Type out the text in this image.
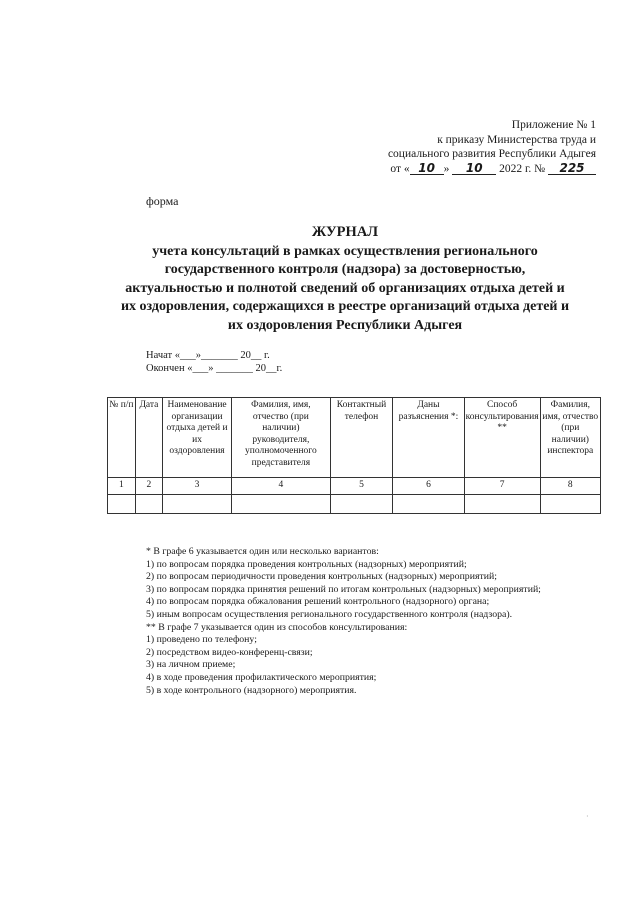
Приложение № 1
к приказу Министерства труда и
социального развития Республики Адыгея
от « 10 » 10 2022 г. № 225
форма
ЖУРНАЛ
учета консультаций в рамках осуществления регионального
государственного контроля (надзора) за достоверностью,
актуальностью и полнотой сведений об организациях отдыха детей и
их оздоровления, содержащихся в реестре организаций отдыха детей и
их оздоровления Республики Адыгея
Начат «___»_______ 20__ г.
Окончен «___» _______ 20__г.
№ п/п	Дата	Наименование организации отдыха детей и их оздоровления	Фамилия, имя, отчество (при наличии) руководителя, уполномоченного представителя	Контактный телефон	Даны разъяснения *:	Способ консультирования **	Фамилия, имя, отчество (при наличии) инспектора
1	2	3	4	5	6	7	8

* В графе 6 указывается один или несколько вариантов:
1) по вопросам порядка проведения контрольных (надзорных) мероприятий;
2) по вопросам периодичности проведения контрольных (надзорных) мероприятий;
3) по вопросам порядка принятия решений по итогам контрольных (надзорных) мероприятий;
4) по вопросам порядка обжалования решений контрольного (надзорного) органа;
5) иным вопросам осуществления регионального государственного контроля (надзора).
** В графе 7 указывается один из способов консультирования:
1) проведено по телефону;
2) посредством видео-конференц-связи;
3) на личном приеме;
4) в ходе проведения профилактического мероприятия;
5) в ходе контрольного (надзорного) мероприятия.
·
